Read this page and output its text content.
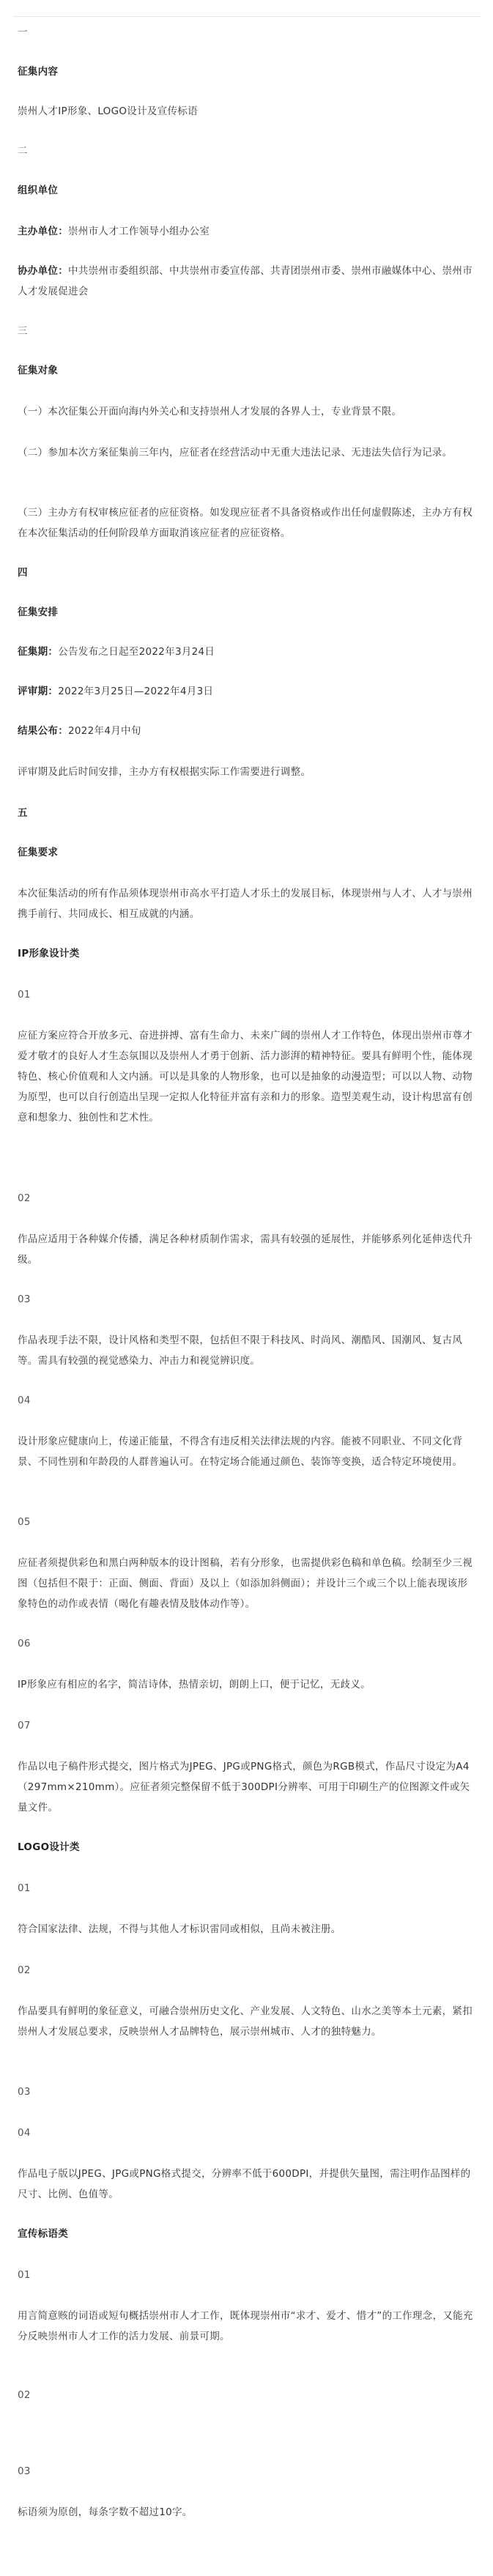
一

征集内容

崇州人才IP形象、LOGO设计及宣传标语

二

组织单位

主办单位：崇州市人才工作领导小组办公室

协办单位：中共崇州市委组织部、中共崇州市委宣传部、共青团崇州市委、崇州市融媒体中心、崇州市人才发展促进会

三

征集对象

（一）本次征集公开面向海内外关心和支持崇州人才发展的各界人士，专业背景不限。

（二）参加本次方案征集前三年内，应征者在经营活动中无重大违法记录、无违法失信行为记录。

（三）主办方有权审核应征者的应征资格。如发现应征者不具备资格或作出任何虚假陈述，主办方有权在本次征集活动的任何阶段单方面取消该应征者的应征资格。

四

征集安排

征集期：公告发布之日起至2022年3月24日

评审期：2022年3月25日—2022年4月3日

结果公布：2022年4月中旬

评审期及此后时间安排，主办方有权根据实际工作需要进行调整。

五

征集要求

本次征集活动的所有作品须体现崇州市高水平打造人才乐土的发展目标，体现崇州与人才、人才与崇州携手前行、共同成长、相互成就的内涵。

IP形象设计类

01

应征方案应符合开放多元、奋进拼搏、富有生命力、未来广阔的崇州人才工作特色，体现出崇州市尊才爱才敬才的良好人才生态氛围以及崇州人才勇于创新、活力澎湃的精神特征。要具有鲜明个性，能体现特色、核心价值观和人文内涵。可以是具象的人物形象，也可以是抽象的动漫造型；可以以人物、动物为原型，也可以自行创造出呈现一定拟人化特征并富有亲和力的形象。造型美观生动，设计构思富有创意和想象力、独创性和艺术性。

02

作品应适用于各种媒介传播，满足各种材质制作需求，需具有较强的延展性，并能够系列化延伸迭代升级。

03

作品表现手法不限，设计风格和类型不限，包括但不限于科技风、时尚风、潮酷风、国潮风、复古风等。需具有较强的视觉感染力、冲击力和视觉辨识度。

04

设计形象应健康向上，传递正能量，不得含有违反相关法律法规的内容。能被不同职业、不同文化背景、不同性别和年龄段的人群普遍认可。在特定场合能通过颜色、装饰等变换，适合特定环境使用。

05

应征者须提供彩色和黑白两种版本的设计图稿，若有分形象，也需提供彩色稿和单色稿。绘制至少三视图（包括但不限于：正面、侧面、背面）及以上（如添加斜侧面）；并设计三个或三个以上能表现该形象特色的动作或表情（喝化有趣表情及肢体动作等）。

06

IP形象应有相应的名字，简洁诗体，热情亲切，朗朗上口，便于记忆，无歧义。

07

作品以电子稿件形式提交，图片格式为JPEG、JPG或PNG格式，颜色为RGB模式，作品尺寸设定为A4（297mm×210mm）。应征者须完整保留不低于300DPI分辨率、可用于印刷生产的位图源文件或矢量文件。

LOGO设计类

01

符合国家法律、法规，不得与其他人才标识雷同或相似，且尚未被注册。

02

作品要具有鲜明的象征意义，可融合崇州历史文化、产业发展、人文特色、山水之美等本土元素，紧扣崇州人才发展总要求，反映崇州人才品牌特色，展示崇州城市、人才的独特魅力。

03

04

作品电子版以JPEG、JPG或PNG格式提交，分辨率不低于600DPI，并提供矢量图，需注明作品图样的尺寸、比例、色值等。

宣传标语类

01

用言简意赅的词语或短句概括崇州市人才工作，既体现崇州市“求才、爱才、惜才”的工作理念，又能充分反映崇州市人才工作的活力发展、前景可期。

02

03

标语须为原创，每条字数不超过10字。
